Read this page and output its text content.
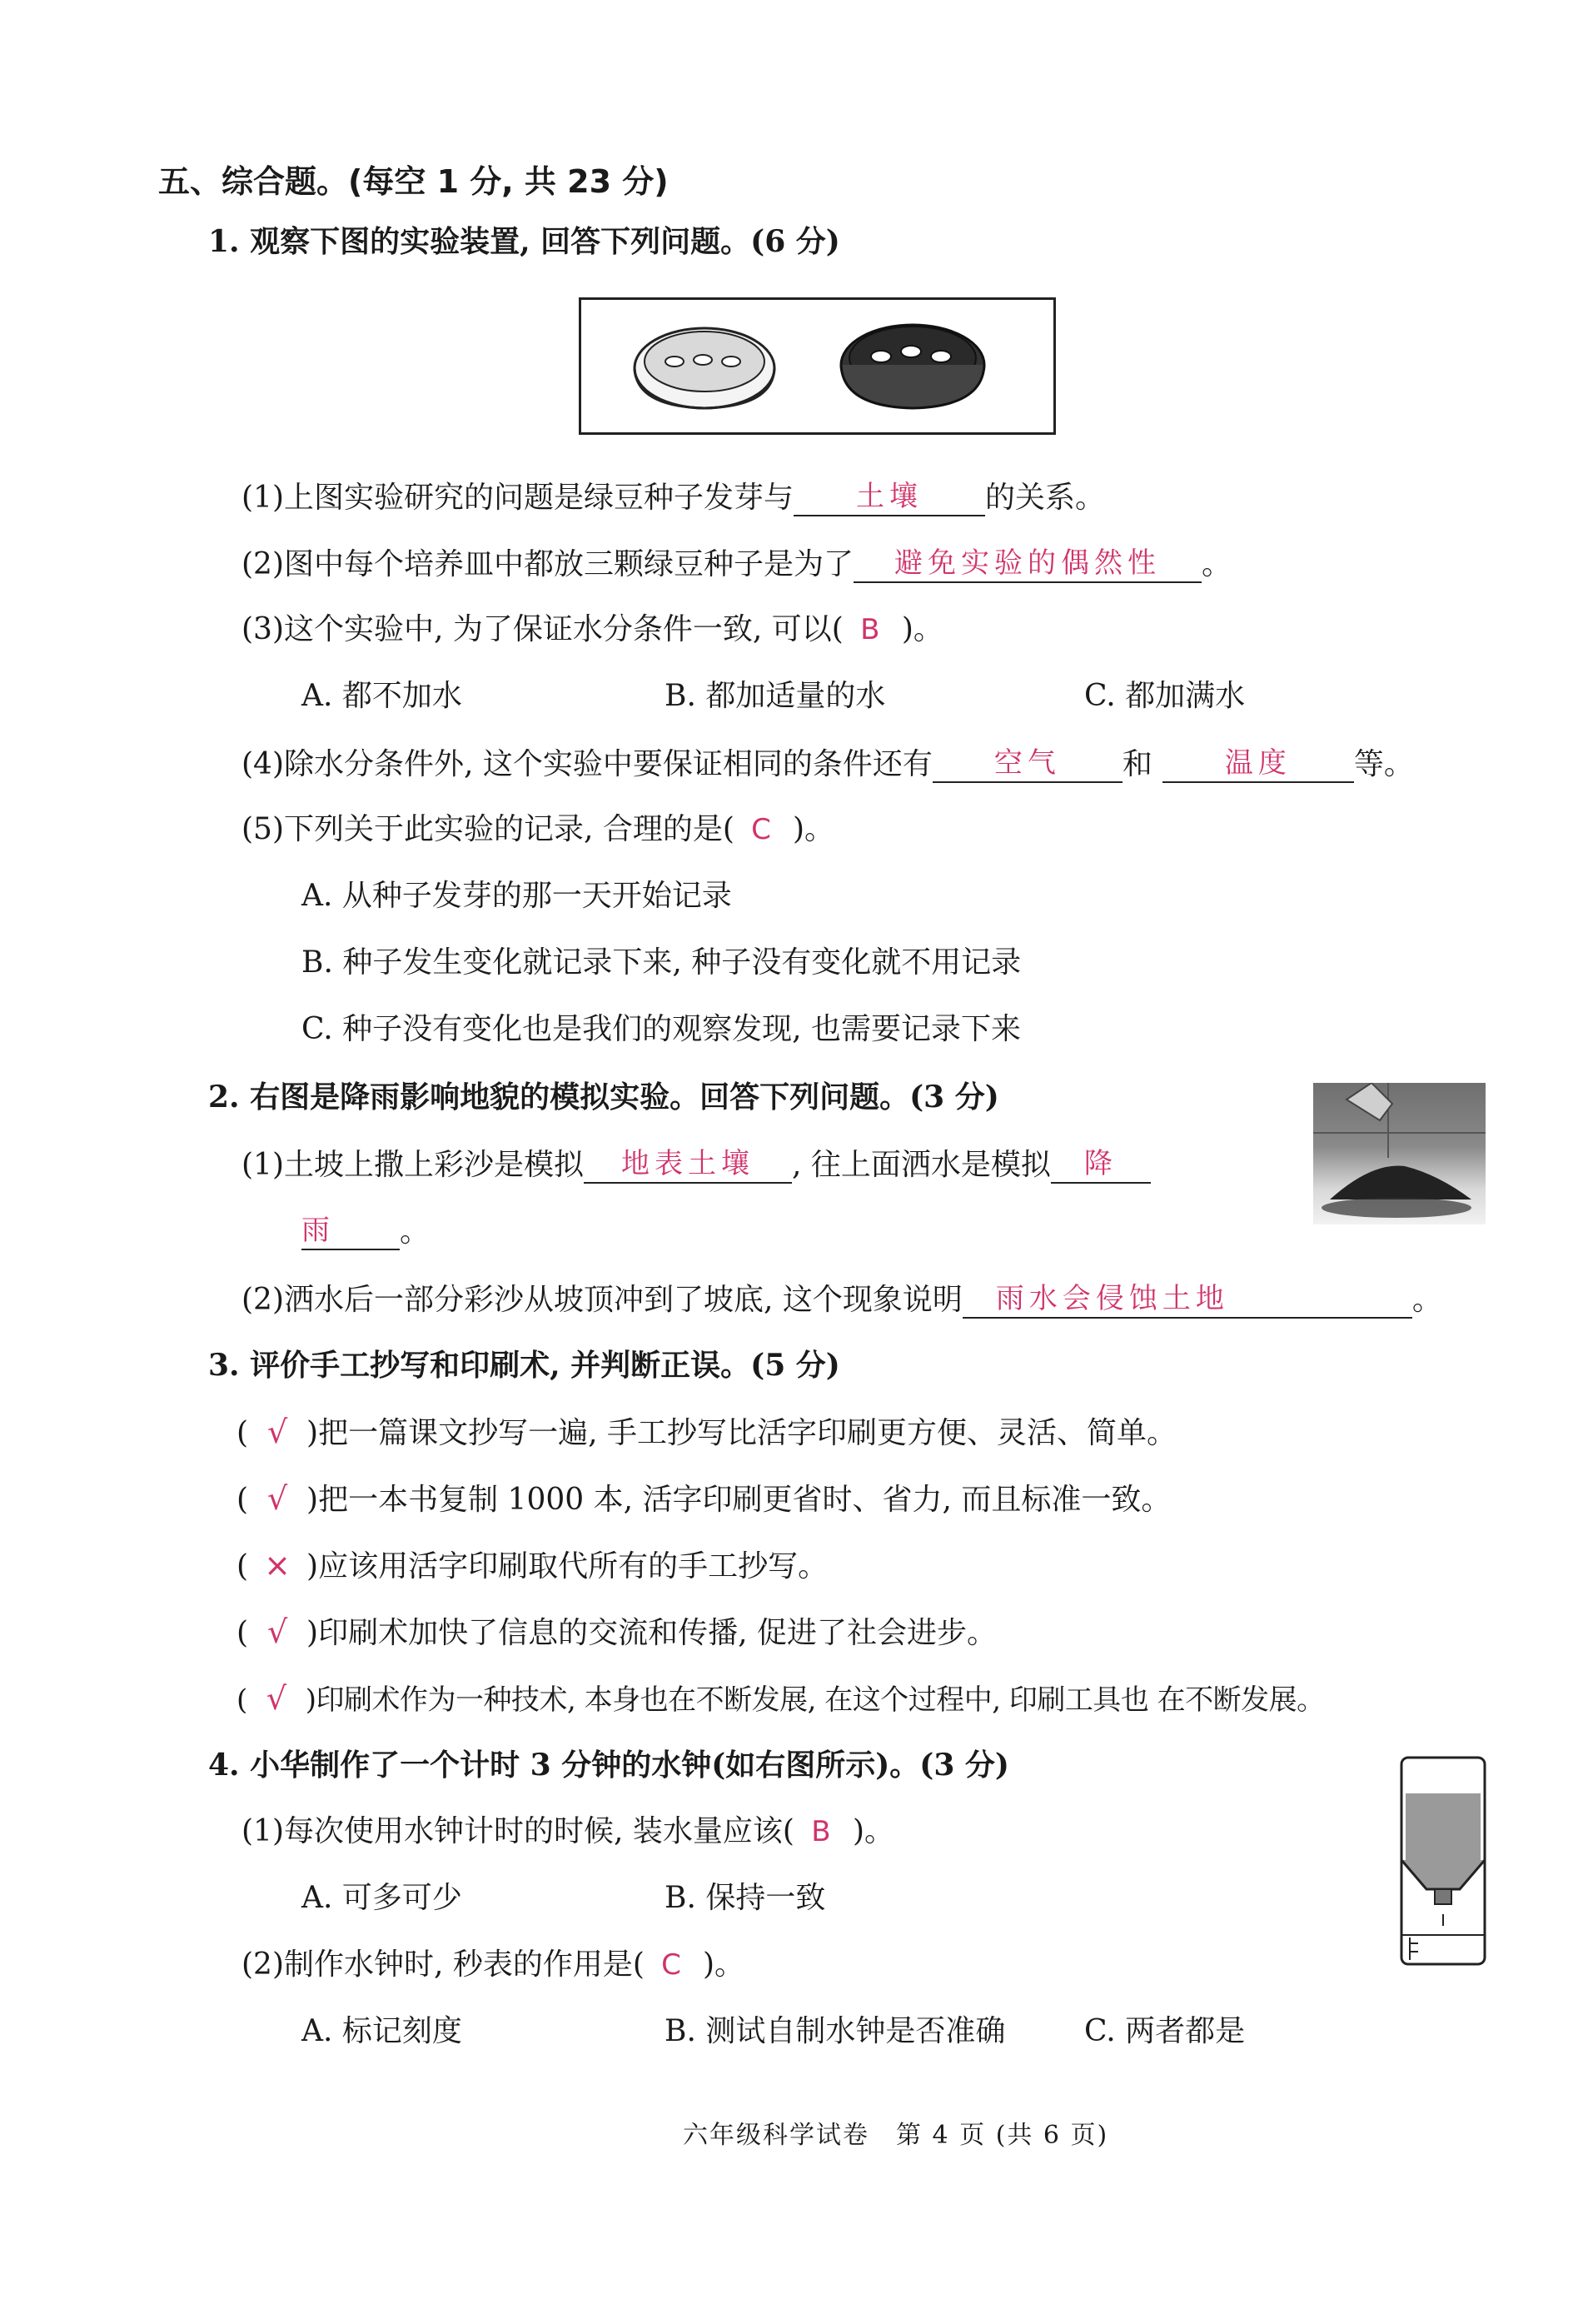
五、综合题。(每空 1 分, 共 23 分)
1. 观察下图的实验装置, 回答下列问题。(6 分)
(1)上图实验研究的问题是绿豆种子发芽与 土壤 的关系。
(2)图中每个培养皿中都放三颗绿豆种子是为了 避免实验的偶然性 。
(3)这个实验中, 为了保证水分条件一致, 可以( B )。
A. 都不加水	B. 都加适量的水	C. 都加满水
(4)除水分条件外, 这个实验中要保证相同的条件还有 空气 和	温度 等。
(5)下列关于此实验的记录, 合理的是( C )。
A. 从种子发芽的那一天开始记录
B. 种子发生变化就记录下来, 种子没有变化就不用记录
C. 种子没有变化也是我们的观察发现, 也需要记录下来
2. 右图是降雨影响地貌的模拟实验。回答下列问题。(3 分)
(1)土坡上撒上彩沙是模拟 地表土壤 , 往上面洒水是模拟 降
雨 。
(2)洒水后一部分彩沙从坡顶冲到了坡底, 这个现象说明 雨水会侵蚀土地	。
3. 评价手工抄写和印刷术, 并判断正误。(5 分)
( √ )把一篇课文抄写一遍, 手工抄写比活字印刷更方便、灵活、简单。
( √ )把一本书复制 1000 本, 活字印刷更省时、省力, 而且标准一致。
( × )应该用活字印刷取代所有的手工抄写。
( √ )印刷术加快了信息的交流和传播, 促进了社会进步。
( √ )印刷术作为一种技术, 本身也在不断发展, 在这个过程中, 印刷工具也 在不断发展。
4. 小华制作了一个计时 3 分钟的水钟(如右图所示)。(3 分)
(1)每次使用水钟计时的时候, 装水量应该( B )。
A. 可多可少	B. 保持一致
(2)制作水钟时, 秒表的作用是( C )。
A. 标记刻度	B. 测试自制水钟是否准确	C. 两者都是
六年级科学试卷　第 4 页 (共 6 页)
